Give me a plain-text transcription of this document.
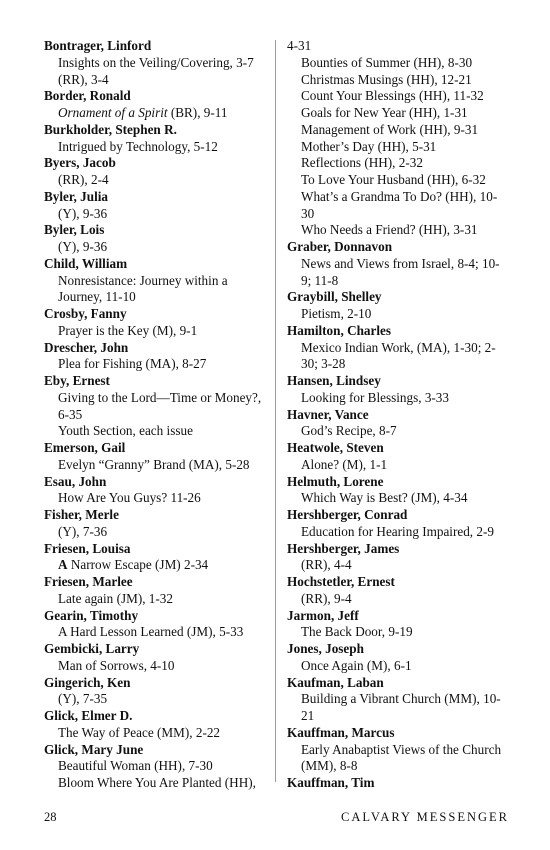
Bontrager, Linford
Insights on the Veiling/Covering, 3-7 (RR), 3-4
Border, Ronald
Ornament of a Spirit (BR), 9-11
Burkholder, Stephen R.
Intrigued by Technology, 5-12
Byers, Jacob
(RR), 2-4
Byler, Julia
(Y), 9-36
Byler, Lois
(Y), 9-36
Child, William
Nonresistance: Journey within a Journey, 11-10
Crosby, Fanny
Prayer is the Key (M), 9-1
Drescher, John
Plea for Fishing (MA), 8-27
Eby, Ernest
Giving to the Lord—Time or Money?, 6-35
Youth Section, each issue
Emerson, Gail
Evelyn “Granny” Brand (MA), 5-28
Esau, John
How Are You Guys? 11-26
Fisher, Merle
(Y), 7-36
Friesen, Louisa
A Narrow Escape (JM) 2-34
Friesen, Marlee
Late again (JM), 1-32
Gearin, Timothy
A Hard Lesson Learned (JM), 5-33
Gembicki, Larry
Man of Sorrows, 4-10
Gingerich, Ken
(Y), 7-35
Glick, Elmer D.
The Way of Peace (MM), 2-22
Glick, Mary June
Beautiful Woman (HH), 7-30
Bloom Where You Are Planted (HH),
4-31
Bounties of Summer (HH), 8-30
Christmas Musings (HH), 12-21
Count Your Blessings (HH), 11-32
Goals for New Year (HH), 1-31
Management of Work (HH), 9-31
Mother’s Day (HH), 5-31
Reflections (HH), 2-32
To Love Your Husband (HH), 6-32
What’s a Grandma To Do? (HH), 10-30
Who Needs a Friend? (HH), 3-31
Graber, Donnavon
News and Views from Israel, 8-4; 10-9; 11-8
Graybill, Shelley
Pietism, 2-10
Hamilton, Charles
Mexico Indian Work, (MA), 1-30; 2-30; 3-28
Hansen, Lindsey
Looking for Blessings, 3-33
Havner, Vance
God’s Recipe, 8-7
Heatwole, Steven
Alone? (M), 1-1
Helmuth, Lorene
Which Way is Best? (JM), 4-34
Hershberger, Conrad
Education for Hearing Impaired, 2-9
Hershberger, James
(RR), 4-4
Hochstetler, Ernest
(RR), 9-4
Jarmon, Jeff
The Back Door, 9-19
Jones, Joseph
Once Again (M), 6-1
Kaufman, Laban
Building a Vibrant Church (MM), 10-21
Kauffman, Marcus
Early Anabaptist Views of the Church (MM), 8-8
Kauffman, Tim
28	CALVARY MESSENGER
